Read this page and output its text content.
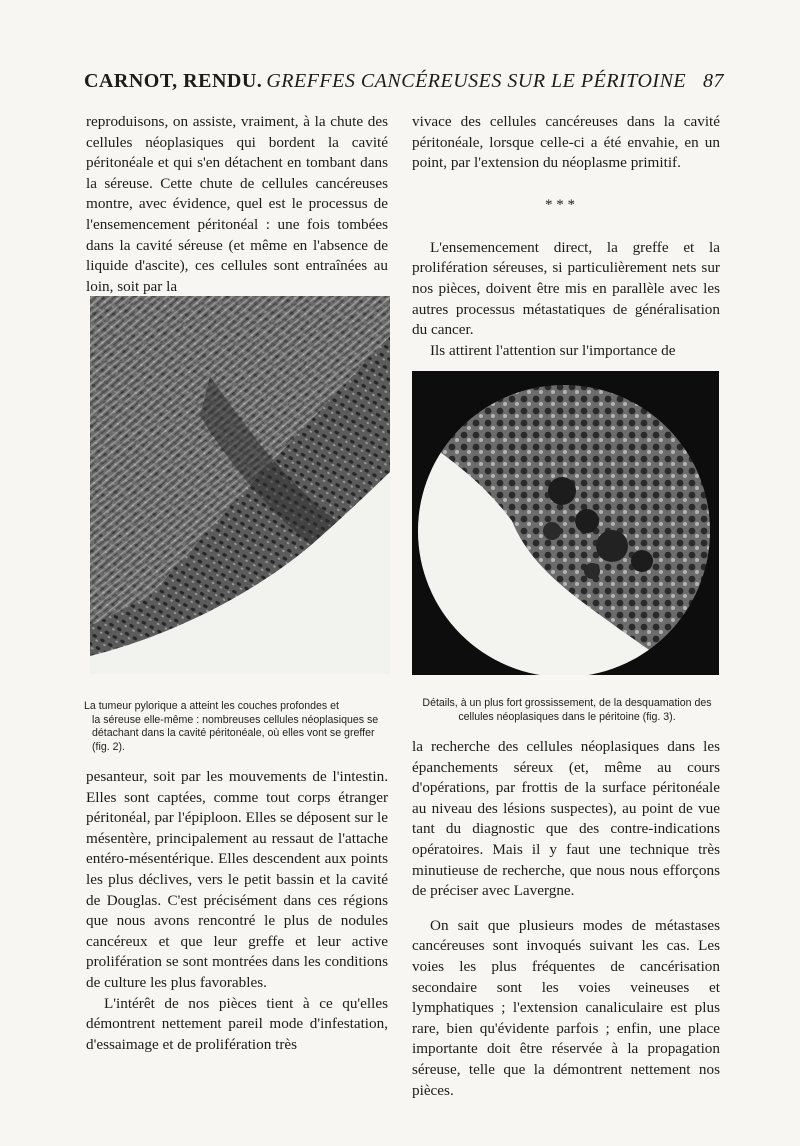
CARNOT, RENDU. GREFFES CANCÉREUSES SUR LE PÉRITOINE 87

reproduisons, on assiste, vraiment, à la chute des cellules néoplasiques qui bordent la cavité péritonéale et qui s'en détachent en tombant dans la séreuse. Cette chute de cellules cancéreuses montre, avec évidence, quel est le processus de l'ensemencement péritonéal : une fois tombées dans la cavité séreuse (et même en l'absence de liquide d'ascite), ces cellules sont entraînées au loin, soit par la

vivace des cellules cancéreuses dans la cavité péritonéale, lorsque celle-ci a été envahie, en un point, par l'extension du néoplasme primitif.

L'ensemencement direct, la greffe et la prolifération séreuses, si particulièrement nets sur nos pièces, doivent être mis en parallèle avec les autres processus métastatiques de généralisation du cancer.

Ils attirent l'attention sur l'importance de

* * *
La tumeur pylorique a atteint les couches profondes et
la séreuse elle-même : nombreuses cellules néoplasiques se détachant dans la cavité péritonéale, où elles vont se greffer (fig. 2).
Détails, à un plus fort grossissement, de la desquamation des cellules néoplasiques dans le péritoine (fig. 3).

pesanteur, soit par les mouvements de l'intestin. Elles sont captées, comme tout corps étranger péritonéal, par l'épiploon. Elles se déposent sur le mésentère, principalement au ressaut de l'attache entéro-mésentérique. Elles descendent aux points les plus déclives, vers le petit bassin et la cavité de Douglas. C'est précisément dans ces régions que nous avons rencontré le plus de nodules cancéreux et que leur greffe et leur active prolifération se sont montrées dans les conditions de culture les plus favorables.

L'intérêt de nos pièces tient à ce qu'elles démontrent nettement pareil mode d'infestation, d'essaimage et de prolifération très

la recherche des cellules néoplasiques dans les épanchements séreux (et, même au cours d'opérations, par frottis de la surface péritonéale au niveau des lésions suspectes), au point de vue tant du diagnostic que des contre-indications opératoires. Mais il y faut une technique très minutieuse de recherche, que nous nous efforçons de préciser avec Lavergne.

On sait que plusieurs modes de métastases cancéreuses sont invoqués suivant les cas. Les voies les plus fréquentes de cancérisation secondaire sont les voies veineuses et lymphatiques ; l'extension canaliculaire est plus rare, bien qu'évidente parfois ; enfin, une place importante doit être réservée à la propagation séreuse, telle que la démontrent nettement nos pièces.
